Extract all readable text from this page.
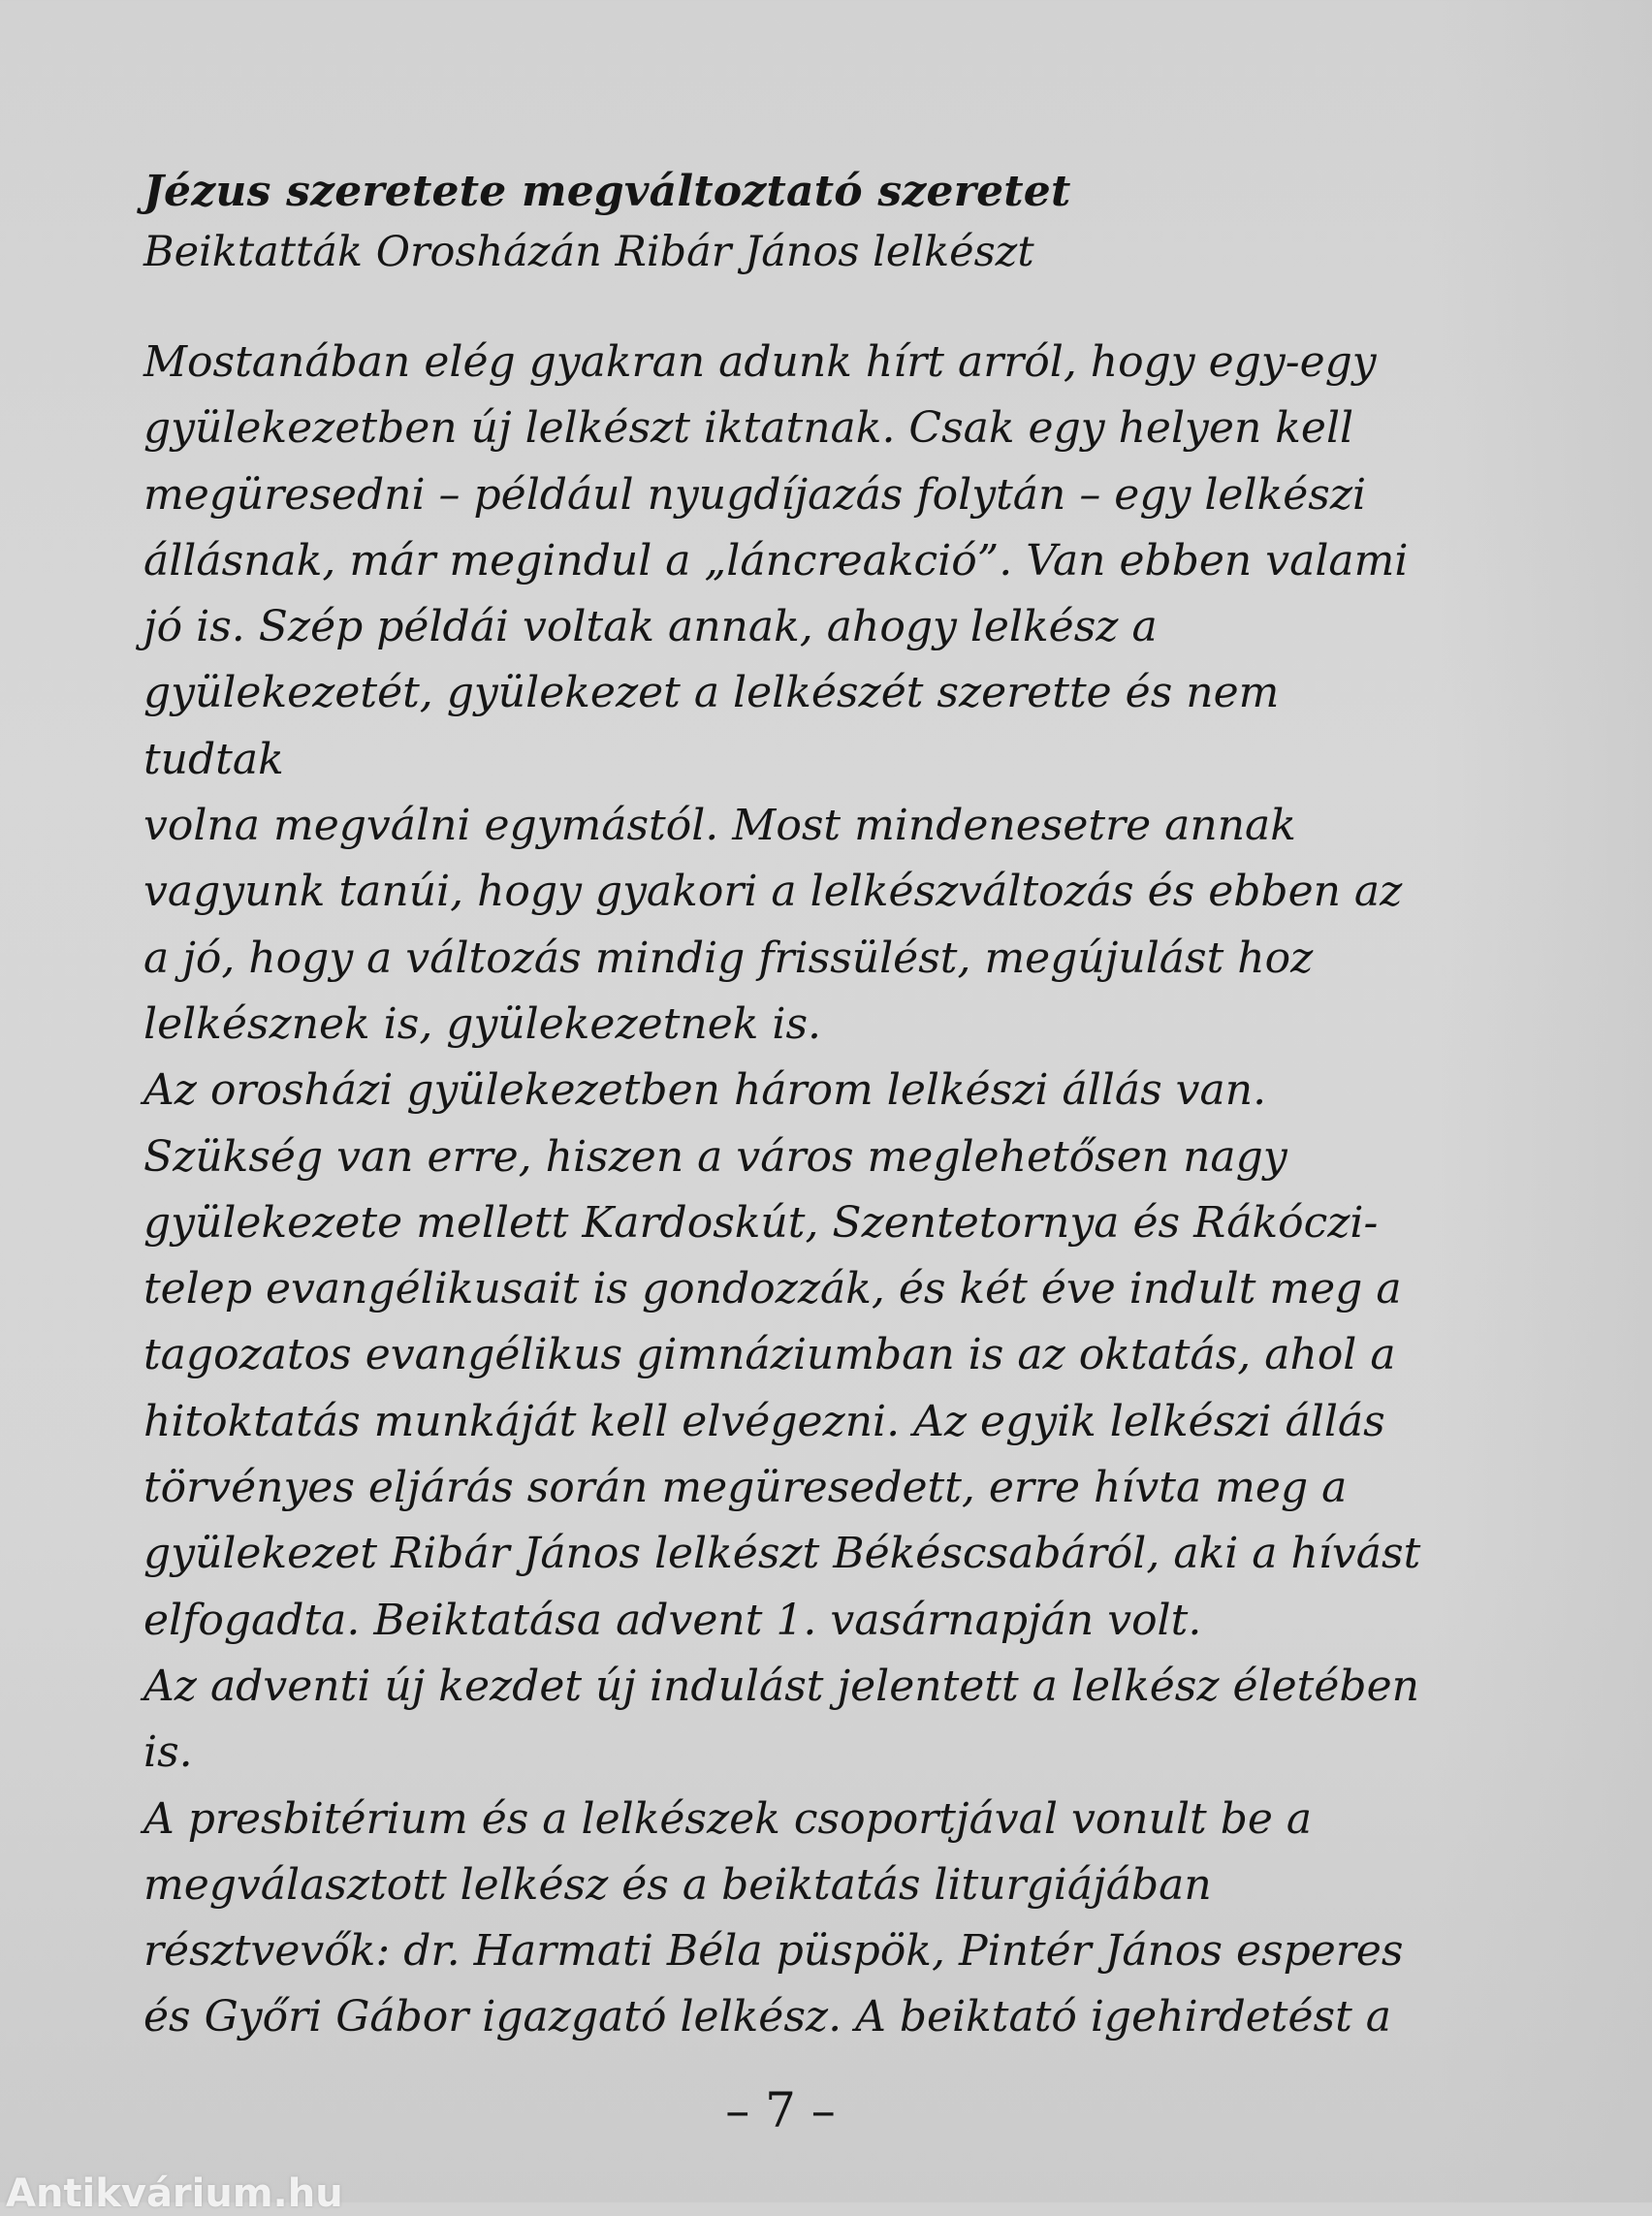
Jézus szeretete megváltoztató szeretet
Beiktatták Orosházán Ribár János lelkészt
Mostanában elég gyakran adunk hírt arról, hogy egy-egy
gyülekezetben új lelkészt iktatnak. Csak egy helyen kell
megüresedni – például nyugdíjazás folytán – egy lelkészi
állásnak, már megindul a „láncreakció”. Van ebben valami
jó is. Szép példái voltak annak, ahogy lelkész a
gyülekezetét, gyülekezet a lelkészét szerette és nem tudtak
volna megválni egymástól. Most mindenesetre annak
vagyunk tanúi, hogy gyakori a lelkészváltozás és ebben az
a jó, hogy a változás mindig frissülést, megújulást hoz
lelkésznek is, gyülekezetnek is.
Az orosházi gyülekezetben három lelkészi állás van.
Szükség van erre, hiszen a város meglehetősen nagy
gyülekezete mellett Kardoskút, Szentetornya és Rákóczi-
telep evangélikusait is gondozzák, és két éve indult meg a
tagozatos evangélikus gimnáziumban is az oktatás, ahol a
hitoktatás munkáját kell elvégezni. Az egyik lelkészi állás
törvényes eljárás során megüresedett, erre hívta meg a
gyülekezet Ribár János lelkészt Békéscsabáról, aki a hívást
elfogadta. Beiktatása advent 1. vasárnapján volt.
Az adventi új kezdet új indulást jelentett a lelkész életében
is.
A presbitérium és a lelkészek csoportjával vonult be a
megválasztott lelkész és a beiktatás liturgiájában
résztvevők: dr. Harmati Béla püspök, Pintér János esperes
és Győri Gábor igazgató lelkész. A beiktató igehirdetést a
– 7 –
Antikvárium.hu
